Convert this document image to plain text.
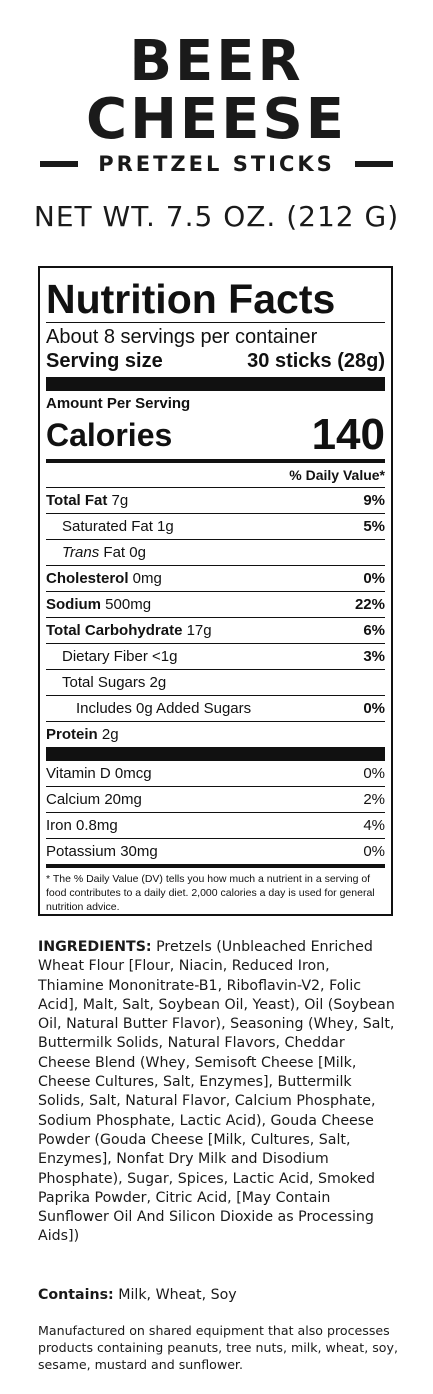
BEER
CHEESE
PRETZEL STICKS
NET WT. 7.5 OZ. (212 G)
Nutrition Facts
About 8 servings per container
Serving size	30 sticks (28g)
Amount Per Serving
Calories	140
% Daily Value*
Total Fat 7g	9%
Saturated Fat 1g	5%
Trans Fat 0g
Cholesterol 0mg	0%
Sodium 500mg	22%
Total Carbohydrate 17g	6%
Dietary Fiber <1g	3%
Total Sugars 2g
Includes 0g Added Sugars	0%
Protein 2g
Vitamin D 0mcg	0%
Calcium 20mg	2%
Iron 0.8mg	4%
Potassium 30mg	0%
* The % Daily Value (DV) tells you how much a nutrient in a serving of food contributes to a daily diet. 2,000 calories a day is used for general nutrition advice.
INGREDIENTS: Pretzels (Unbleached Enriched Wheat Flour [Flour, Niacin, Reduced Iron, Thiamine Mononitrate-B1, Riboflavin-V2, Folic Acid], Malt, Salt, Soybean Oil, Yeast), Oil (Soybean Oil, Natural Butter Flavor), Seasoning (Whey, Salt, Buttermilk Solids, Natural Flavors, Cheddar Cheese Blend (Whey, Semisoft Cheese [Milk, Cheese Cultures, Salt, Enzymes], Buttermilk Solids, Salt, Natural Flavor, Calcium Phosphate, Sodium Phosphate, Lactic Acid), Gouda Cheese Powder (Gouda Cheese [Milk, Cultures, Salt, Enzymes], Nonfat Dry Milk and Disodium Phosphate), Sugar, Spices, Lactic Acid, Smoked Paprika Powder, Citric Acid, [May Contain Sunflower Oil And Silicon Dioxide as Processing Aids])
Contains: Milk, Wheat, Soy
Manufactured on shared equipment that also processes products containing peanuts, tree nuts, milk, wheat, soy, sesame, mustard and sunflower.
